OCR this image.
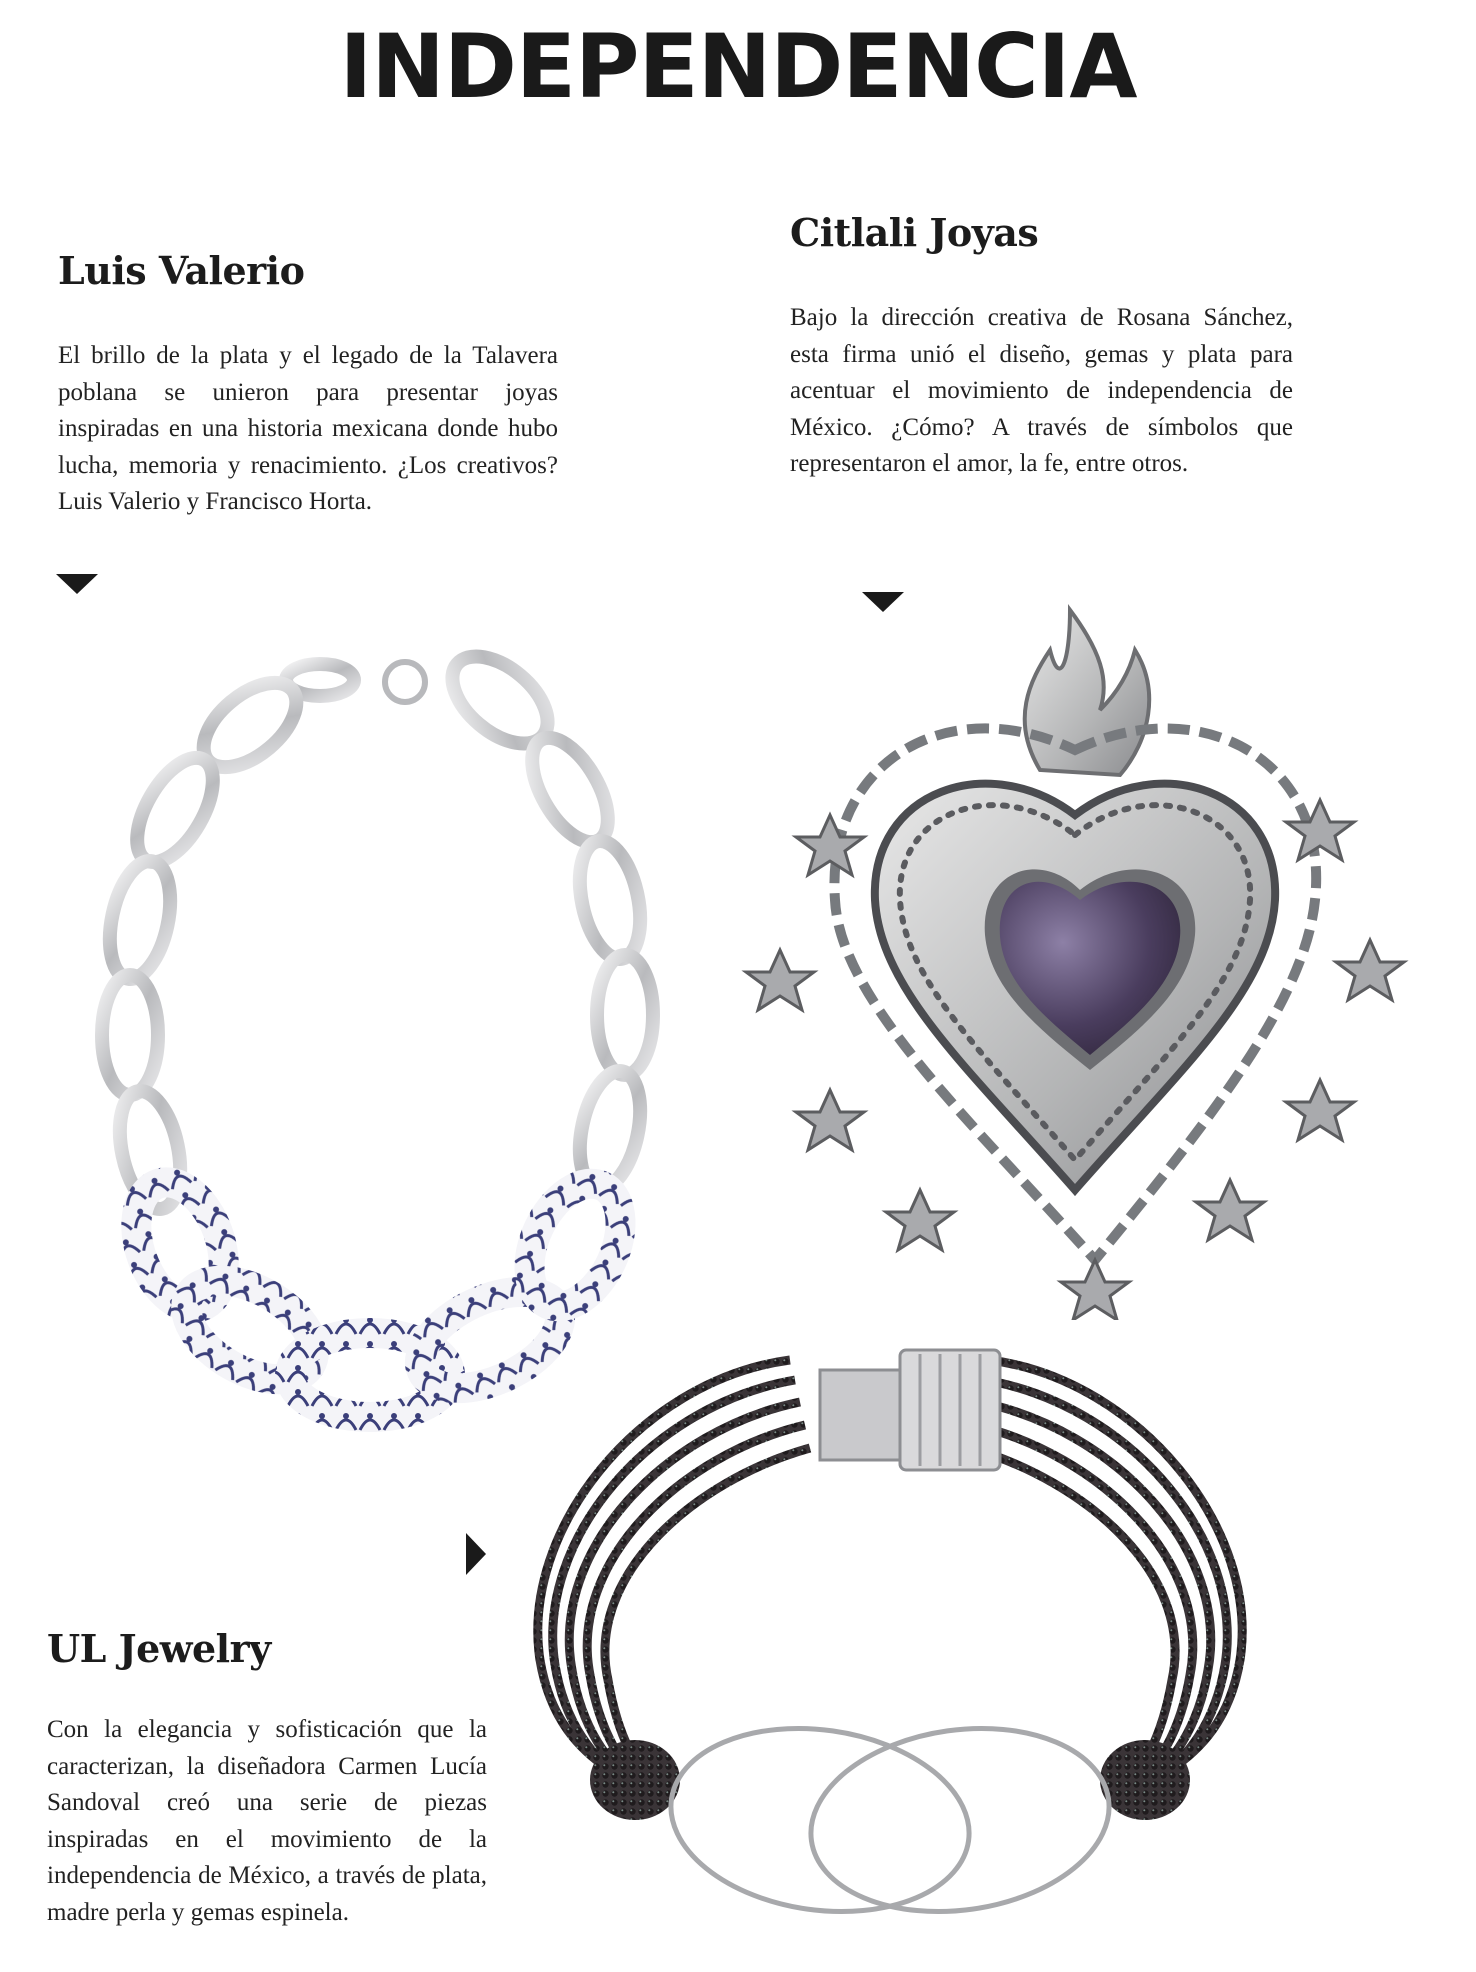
INDEPENDENCIA
Luis Valerio
El brillo de la plata y el legado de la Talavera poblana se unieron para presentar joyas inspiradas en una historia mexicana donde hubo lucha, memoria y renacimiento. ¿Los creativos? Luis Valerio y Francisco Horta.
Citlali Joyas
Bajo la dirección creativa de Rosana Sánchez, esta firma unió el diseño, gemas y plata para acentuar el movimiento de independencia de México. ¿Cómo? A través de símbolos que representaron el amor, la fe, entre otros.
UL Jewelry
Con la elegancia y sofisticación que la caracterizan, la diseñadora Carmen Lucía Sandoval creó una serie de piezas inspiradas en el movimiento de la independencia de México, a través de plata, madre perla y gemas espinela.
